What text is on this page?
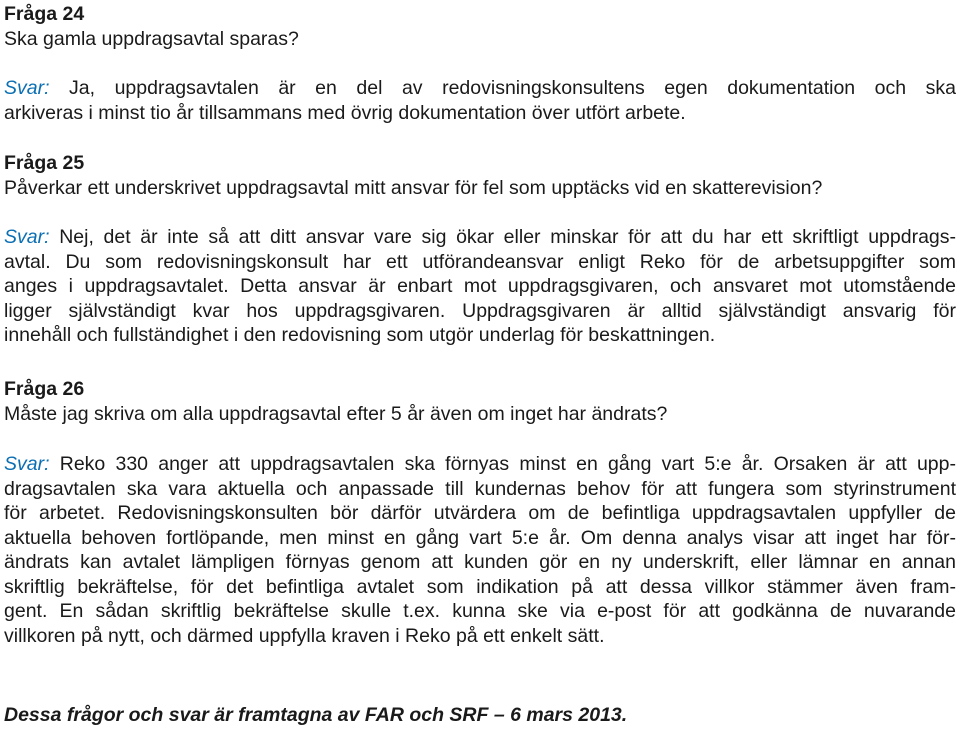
Fråga 24

Ska gamla uppdragsavtal sparas?

Svar: Ja, uppdragsavtalen är en del av redovisningskonsultens egen dokumentation och ska

arkiveras i minst tio år tillsammans med övrig dokumentation över utfört arbete.

Fråga 25

Påverkar ett underskrivet uppdragsavtal mitt ansvar för fel som upptäcks vid en skatterevision?

Svar: Nej, det är inte så att ditt ansvar vare sig ökar eller minskar för att du har ett skriftligt uppdrags-

avtal. Du som redovisningskonsult har ett utförandeansvar enligt Reko för de arbetsuppgifter som

anges i uppdragsavtalet. Detta ansvar är enbart mot uppdragsgivaren, och ansvaret mot utomstående

ligger självständigt kvar hos uppdragsgivaren. Uppdragsgivaren är alltid självständigt ansvarig för

innehåll och fullständighet i den redovisning som utgör underlag för beskattningen.

Fråga 26

Måste jag skriva om alla uppdragsavtal efter 5 år även om inget har ändrats?

Svar: Reko 330 anger att uppdragsavtalen ska förnyas minst en gång vart 5:e år. Orsaken är att upp-

dragsavtalen ska vara aktuella och anpassade till kundernas behov för att fungera som styrinstrument

för arbetet. Redovisningskonsulten bör därför utvärdera om de befintliga uppdragsavtalen uppfyller de

aktuella behoven fortlöpande, men minst en gång vart 5:e år. Om denna analys visar att inget har för-

ändrats kan avtalet lämpligen förnyas genom att kunden gör en ny underskrift, eller lämnar en annan

skriftlig bekräftelse, för det befintliga avtalet som indikation på att dessa villkor stämmer även fram-

gent. En sådan skriftlig bekräftelse skulle t.ex. kunna ske via e-post för att godkänna de nuvarande

villkoren på nytt, och därmed uppfylla kraven i Reko på ett enkelt sätt.

Dessa frågor och svar är framtagna av FAR och SRF – 6 mars 2013.
